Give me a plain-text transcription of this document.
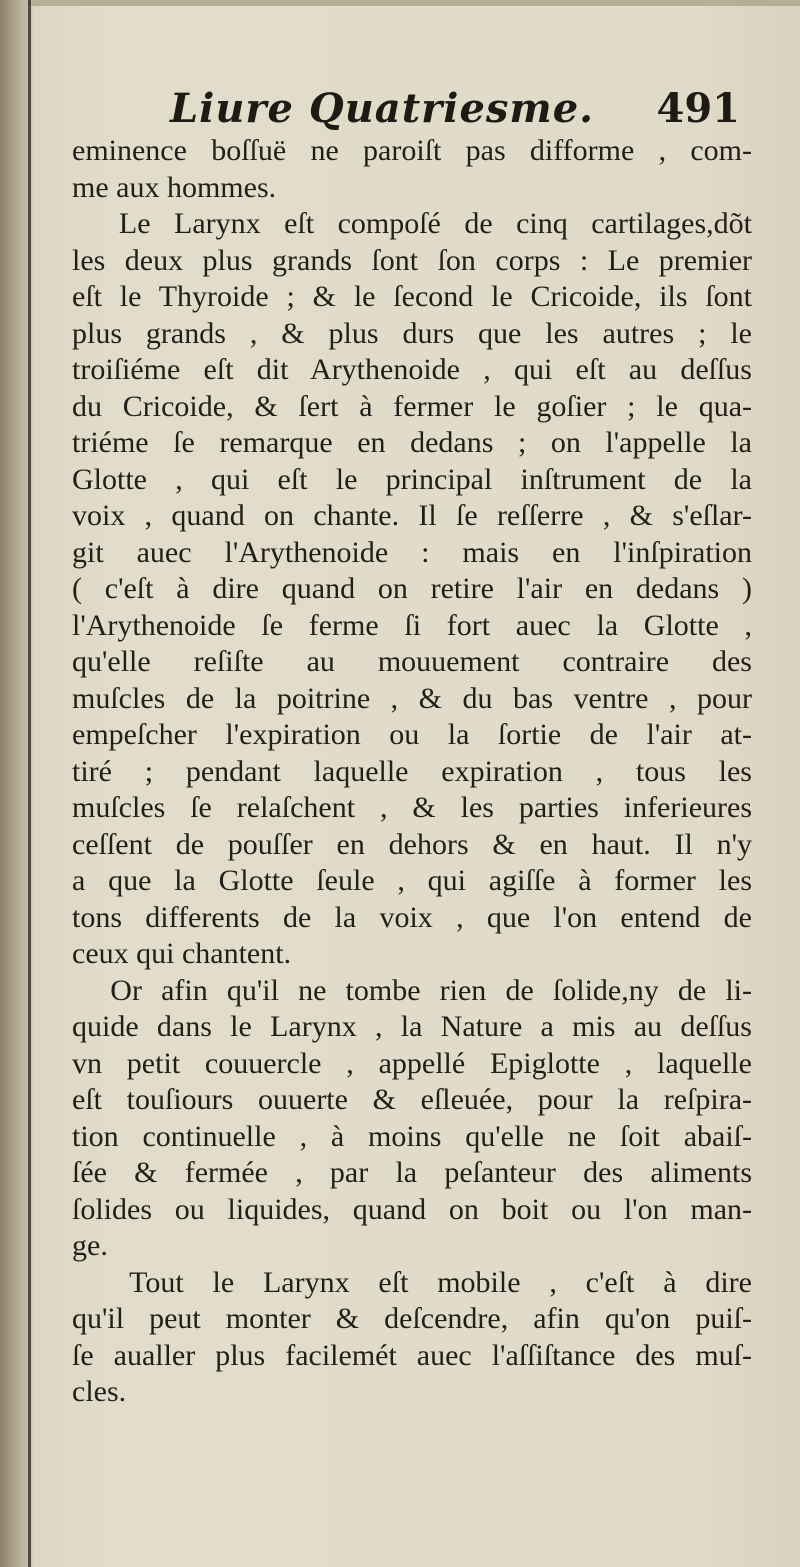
Liure Quatriesme. 491
eminence boſſuë ne paroiſt pas difforme , com-
me aux hommes.
Le Larynx eſt compoſé de cinq cartilages,dõt
les deux plus grands ſont ſon corps : Le premier
eſt le Thyroide ; & le ſecond le Cricoide, ils ſont
plus grands , & plus durs que les autres ; le
troiſiéme eſt dit Arythenoide , qui eſt au deſſus
du Cricoide, & ſert à fermer le goſier ; le qua-
triéme ſe remarque en dedans ; on l'appelle la
Glotte , qui eſt le principal inſtrument de la
voix , quand on chante. Il ſe reſſerre , & s'eſlar-
git auec l'Arythenoide : mais en l'inſpiration
( c'eſt à dire quand on retire l'air en dedans )
l'Arythenoide ſe ferme ſi fort auec la Glotte ,
qu'elle reſiſte au mouuement contraire des
muſcles de la poitrine , & du bas ventre , pour
empeſcher l'expiration ou la ſortie de l'air at-
tiré ; pendant laquelle expiration , tous les
muſcles ſe relaſchent , & les parties inferieures
ceſſent de pouſſer en dehors & en haut. Il n'y
a que la Glotte ſeule , qui agiſſe à former les
tons differents de la voix , que l'on entend de
ceux qui chantent.
Or afin qu'il ne tombe rien de ſolide,ny de li-
quide dans le Larynx , la Nature a mis au deſſus
vn petit couuercle , appellé Epiglotte , laquelle
eſt touſiours ouuerte & eſleuée, pour la reſpira-
tion continuelle , à moins qu'elle ne ſoit abaiſ-
ſée & fermée , par la peſanteur des aliments
ſolides ou liquides, quand on boit ou l'on man-
ge.
Tout le Larynx eſt mobile , c'eſt à dire
qu'il peut monter & deſcendre, afin qu'on puiſ-
ſe aualler plus facilemét auec l'aſſiſtance des muſ-
cles.
